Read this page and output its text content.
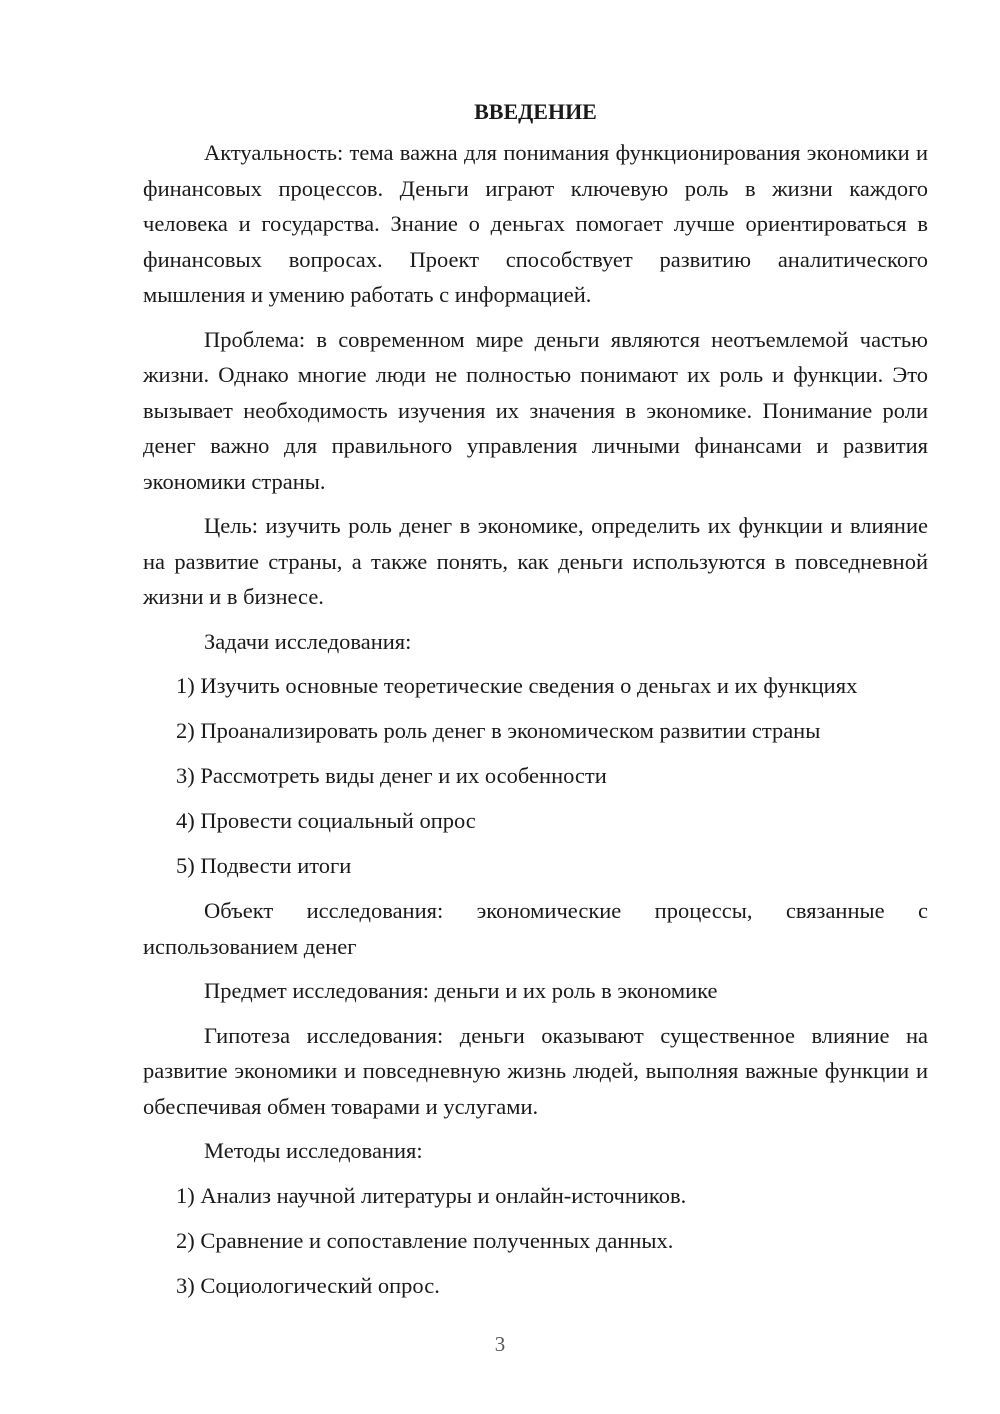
ВВЕДЕНИЕ

Актуальность: тема важна для понимания функционирования экономики и финансовых процессов. Деньги играют ключевую роль в жизни каждого человека и государства. Знание о деньгах помогает лучше ориентироваться в финансовых вопросах. Проект способствует развитию аналитического мышления и умению работать с информацией.

Проблема: в современном мире деньги являются неотъемлемой частью жизни. Однако многие люди не полностью понимают их роль и функции. Это вызывает необходимость изучения их значения в экономике. Понимание роли денег важно для правильного управления личными финансами и развития экономики страны.

Цель: изучить роль денег в экономике, определить их функции и влияние на развитие страны, а также понять, как деньги используются в повседневной жизни и в бизнесе.

Задачи исследования:

1) Изучить основные теоретические сведения о деньгах и их функциях
2) Проанализировать роль денег в экономическом развитии страны
3) Рассмотреть виды денег и их особенности
4) Провести социальный опрос
5) Подвести итоги

Объект исследования: экономические процессы, связанные с использованием денег

Предмет исследования: деньги и их роль в экономике

Гипотеза исследования: деньги оказывают существенное влияние на развитие экономики и повседневную жизнь людей, выполняя важные функции и обеспечивая обмен товарами и услугами.

Методы исследования:

1) Анализ научной литературы и онлайн-источников.
2) Сравнение и сопоставление полученных данных.
3) Социологический опрос.
3
